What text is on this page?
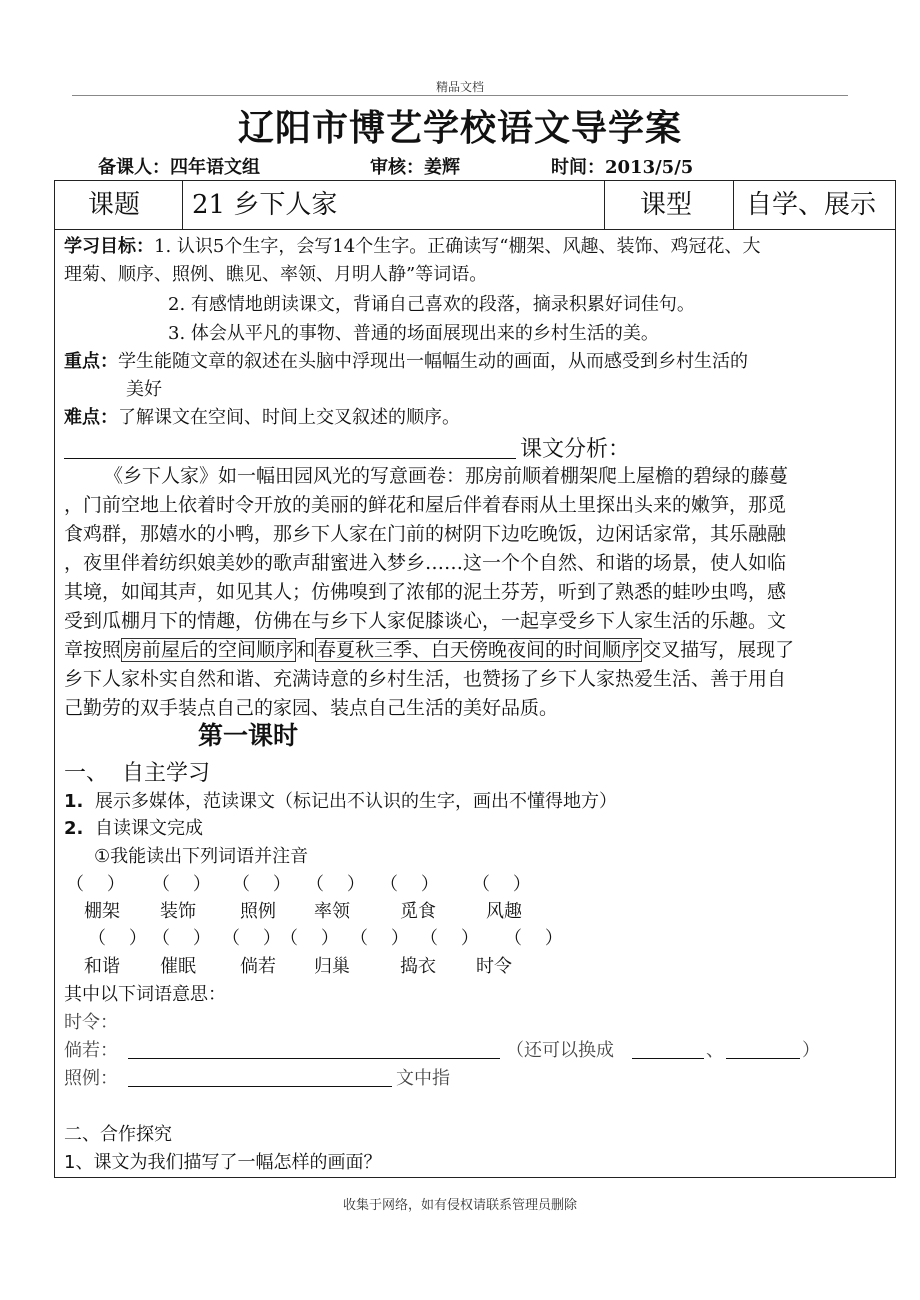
精品文档
辽阳市博艺学校语文导学案
备课人：四年语文组	审核：姜辉	时间：2013/5/5
课题 21 乡下人家	课型 自学、展示
学习目标：1. 认识5个生字，会写14个生字。正确读写“棚架、风趣、装饰、鸡冠花、大
理菊、顺序、照例、瞧见、率领、月明人静”等词语。
2. 有感情地朗读课文，背诵自己喜欢的段落，摘录积累好词佳句。
3. 体会从平凡的事物、普通的场面展现出来的乡村生活的美。
重点：学生能随文章的叙述在头脑中浮现出一幅幅生动的画面，从而感受到乡村生活的
美好
难点：了解课文在空间、时间上交叉叙述的顺序。
课文分析：
《乡下人家》如一幅田园风光的写意画卷：那房前顺着棚架爬上屋檐的碧绿的藤蔓
，门前空地上依着时令开放的美丽的鲜花和屋后伴着春雨从土里探出头来的嫩笋，那觅
食鸡群，那嬉水的小鸭，那乡下人家在门前的树阴下边吃晚饭，边闲话家常，其乐融融
，夜里伴着纺织娘美妙的歌声甜蜜进入梦乡……这一个个自然、和谐的场景，使人如临
其境，如闻其声，如见其人；仿佛嗅到了浓郁的泥土芬芳，听到了熟悉的蛙吵虫鸣，感
受到瓜棚月下的情趣，仿佛在与乡下人家促膝谈心，一起享受乡下人家生活的乐趣。文
章按照 房前屋后的空间顺序 和 春夏秋三季、白天傍晚夜间的时间顺序 交叉描写，展现了
乡下人家朴实自然和谐、充满诗意的乡村生活，也赞扬了乡下人家热爱生活、善于用自
己勤劳的双手装点自己的家园、装点自己生活的美好品质。
第一课时
一、  自主学习
1. 展示多媒体，范读课文（标记出不认识的生字，画出不懂得地方）
2. 自读课文完成
①我能读出下列词语并注音
（    ） （    ） （    ） （    ） （    ） （    ）
棚架 装饰 照例 率领	觅食	风趣
（    ） （    ） （    ） （    ） （    ） （    ） （    ）
和谐 催眠 倘若 归巢	捣衣 时令
其中以下词语意思：
时令：
倘若：	（还可以换成	、	）
照例：	文中指
二、合作探究
1、课文为我们描写了一幅怎样的画面？
收集于网络，如有侵权请联系管理员删除
